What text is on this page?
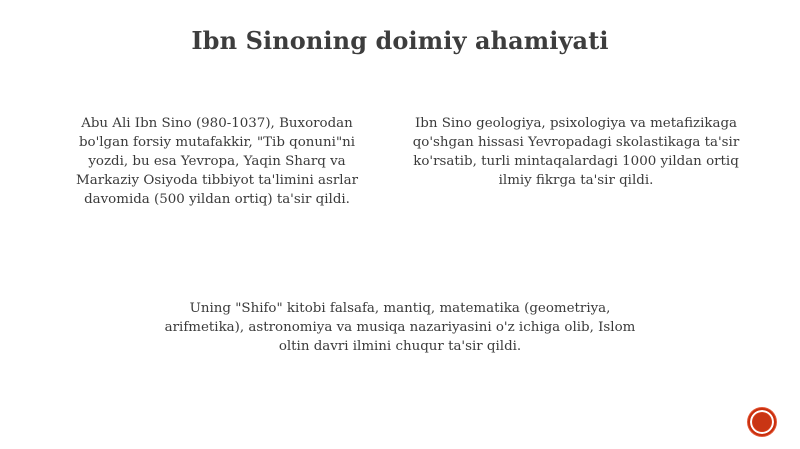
Ibn Sinoning doimiy ahamiyati
Abu Ali Ibn Sino (980-1037), Buxorodan
bo'lgan forsiy mutafakkir, "Tib qonuni"ni
yozdi, bu esa Yevropa, Yaqin Sharq va
Markaziy Osiyoda tibbiyot ta'limini asrlar
davomida (500 yildan ortiq) ta'sir qildi.
Ibn Sino geologiya, psixologiya va metafizikaga
qo'shgan hissasi Yevropadagi skolastikaga ta'sir
ko'rsatib, turli mintaqalardagi 1000 yildan ortiq
ilmiy fikrga ta'sir qildi.
Uning "Shifo" kitobi falsafa, mantiq, matematika (geometriya,
arifmetika), astronomiya va musiqa nazariyasini o'z ichiga olib, Islom
oltin davri ilmini chuqur ta'sir qildi.
